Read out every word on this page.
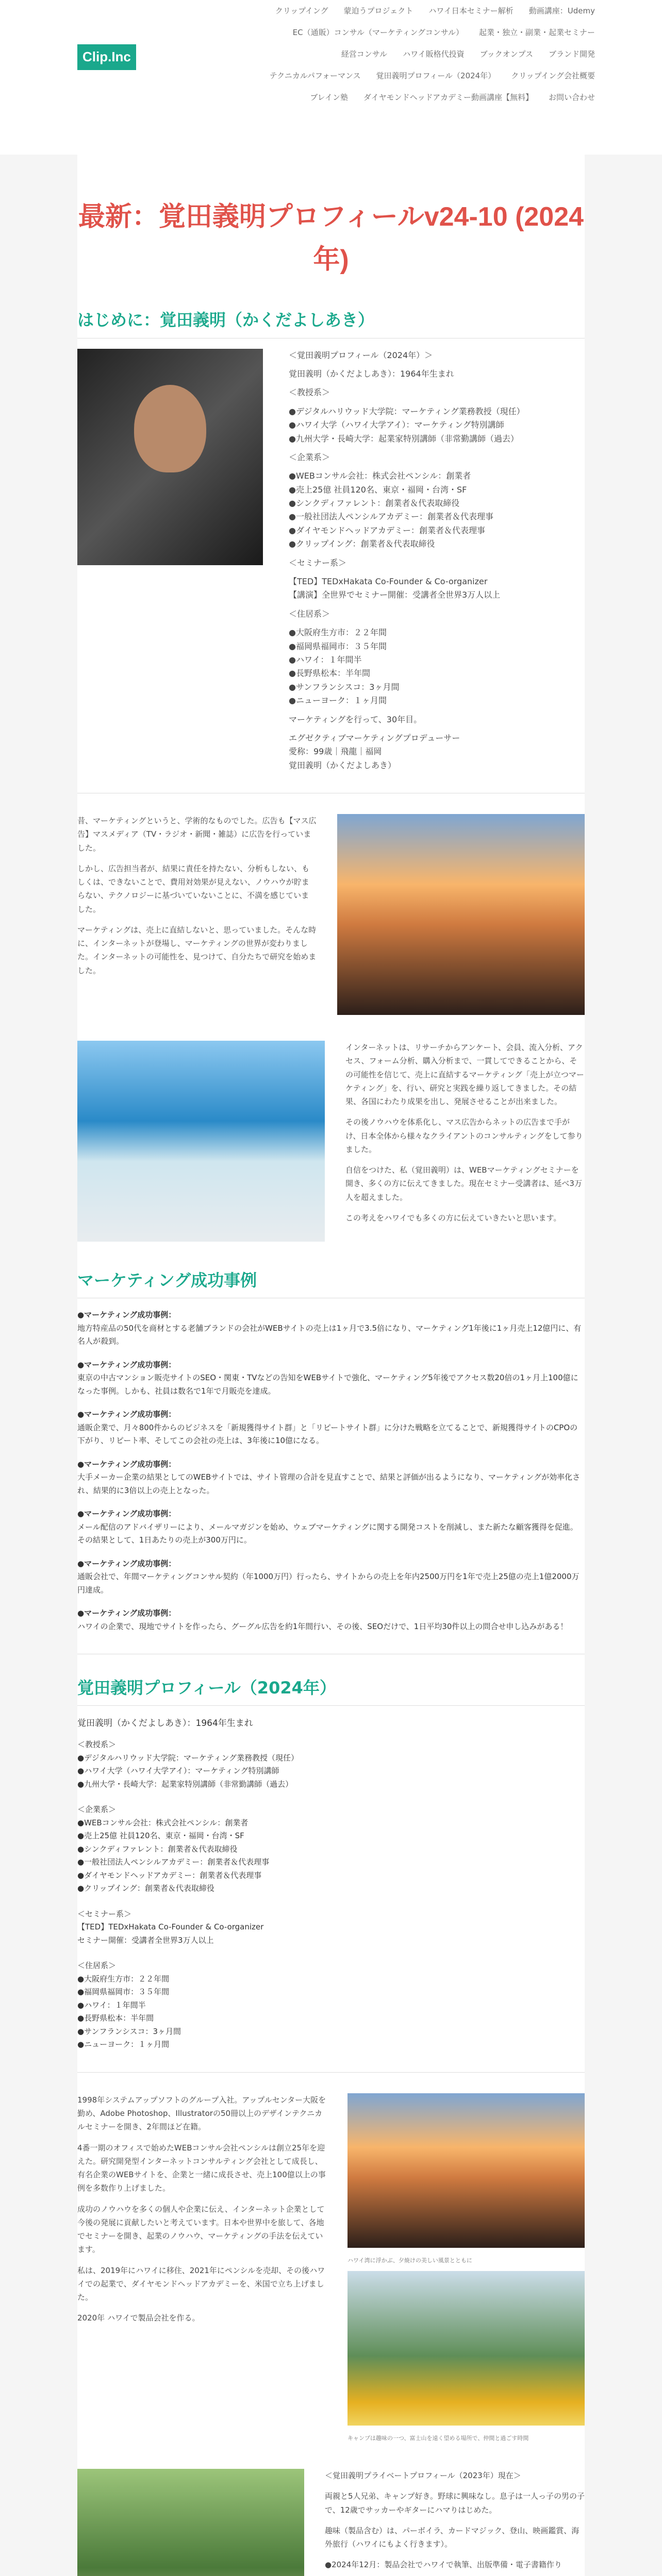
Clip.Inc
クリップイング 蒙迫うプロジェクト ハワイ日本セミナー解析 動画講座：Udemy
EC（通販）コンサル（マーケティングコンサル） 起業・独立・副業・起業セミナー
経営コンサル ハワイ販格代投資 ブックオンプス ブランド開発
テクニカルパフォーマンス 覚田義明プロフィール（2024年） クリップイング会社概要
ブレイン塾 ダイヤモンドヘッドアカデミー動画講座【無料】 お問い合わせ
最新：覚田義明プロフィールv24-10 (2024年)
はじめに：覚田義明（かくだよしあき）

＜覚田義明プロフィール（2024年）＞

覚田義明（かくだよしあき）：1964年生まれ

＜教授系＞

●デジタルハリウッド大学院：マーケティング業務教授（現任）
●ハワイ大学（ハワイ大学アイ）：マーケティング特別講師
●九州大学・長崎大学：起業家特別講師（非常勤講師（過去）

＜企業系＞

●WEBコンサル会社：株式会社ペンシル：創業者
●売上25億 社員120名、東京・福岡・台湾・SF
●シンクディファレント：創業者＆代表取締役
●一般社団法人ペンシルアカデミー：創業者＆代表理事
●ダイヤモンドヘッドアカデミー：創業者＆代表理事
●クリップイング：創業者＆代表取締役

＜セミナー系＞

【TED】TEDxHakata Co-Founder & Co-organizer
【講演】全世界でセミナー開催：受講者全世界3万人以上

＜住居系＞

●大阪府生方市：２２年間
●福岡県福岡市：３５年間
●ハワイ：１年間半
●長野県松本：半年間
●サンフランシスコ：3ヶ月間
●ニューヨーク：１ヶ月間

マーケティングを行って、30年目。

エグゼクティブマーケティングプロデューサー
愛称：99歳｜飛龍｜福岡
覚田義明（かくだよしあき）

昔、マーケティングというと、学術的なものでした。広告も【マス広告】マスメディア（TV・ラジオ・新聞・雑誌）に広告を行っていました。

しかし、広告担当者が、結果に責任を持たない、分析もしない、もしくは、できないことで、費用対効果が見えない、ノウハウが貯まらない、テクノロジーに基づいていないことに、不満を感じていました。

マーケティングは、売上に直結しないと、思っていました。そんな時に、インターネットが登場し、マーケティングの世界が変わりました。インターネットの可能性を、見つけて、自分たちで研究を始めました。

インターネットは、リサーチからアンケート、会員、流入分析、アクセス、フォーム分析、購入分析まで、一貫してできることから、その可能性を信じて、売上に直結するマーケティング「売上が立つマーケティング」を、行い、研究と実践を繰り返してきました。その結果、各国にわたり成果を出し、発展させることが出来ました。

その後ノウハウを体系化し、マス広告からネットの広告まで手がけ、日本全体から様々なクライアントのコンサルティングをして参りました。

自信をつけた、私（覚田義明）は、WEBマーケティングセミナーを開き、多くの方に伝えてきました。現在セミナー受講者は、延べ3万人を超えました。

この考えをハワイでも多くの方に伝えていきたいと思います。

マーケティング成功事例

●マーケティング成功事例：
地方特産品の50代を商材とする老舗ブランドの会社がWEBサイトの売上は1ヶ月で3.5倍になり、マーケティング1年後に1ヶ月売上12億円に、有名人が殺到。

●マーケティング成功事例：
東京の中古マンション販売サイトのSEO・関東・TVなどの告知をWEBサイトで強化、マーケティング5年後でアクセス数20倍の1ヶ月上100億になった事例。しかも、社員は数名で1年で月販売を達成。

●マーケティング成功事例：
通販企業で、月々800件からのビジネスを「新規獲得サイト群」と「リピートサイト群」に分けた戦略を立てることで、新規獲得サイトのCPOの下がり、リピート率、そしてこの会社の売上は、3年後に10億になる。

●マーケティング成功事例：
大手メーカー企業の結果としてのWEBサイトでは、サイト管理の合計を見直すことで、結果と評価が出るようになり、マーケティングが効率化され、結果的に3倍以上の売上となった。

●マーケティング成功事例：
メール配信のアドバイザリーにより、メールマガジンを始め、ウェブマーケティングに関する開発コストを削減し、また新たな顧客獲得を促進。その結果として、1日あたりの売上が300万円に。

●マーケティング成功事例：
通販会社で、年間マーケティングコンサル契約（年1000万円）行ったら、サイトからの売上を年内2500万円を1年で売上25億の売上1億2000万円達成。

●マーケティング成功事例：
ハワイの企業で、現地でサイトを作ったら、グーグル広告を約1年間行い、その後、SEOだけで、1日平均30件以上の問合せ申し込みがある！

覚田義明プロフィール（2024年）

覚田義明（かくだよしあき）：1964年生まれ

＜教授系＞
●デジタルハリウッド大学院：マーケティング業務教授（現任）
●ハワイ大学（ハワイ大学アイ）：マーケティング特別講師
●九州大学・長崎大学：起業家特別講師（非常勤講師（過去）
＜企業系＞
●WEBコンサル会社：株式会社ペンシル：創業者
●売上25億 社員120名、東京・福岡・台湾・SF
●シンクディファレント：創業者＆代表取締役
●一般社団法人ペンシルアカデミー：創業者＆代表理事
●ダイヤモンドヘッドアカデミー：創業者＆代表理事
●クリップイング：創業者＆代表取締役
＜セミナー系＞
【TED】TEDxHakata Co-Founder & Co-organizer
セミナー開催：受講者全世界3万人以上
＜住居系＞
●大阪府生方市：２２年間
●福岡県福岡市：３５年間
●ハワイ：１年間半
●長野県松本：半年間
●サンフランシスコ：3ヶ月間
●ニューヨーク：１ヶ月間

1998年システムアップソフトのグループ入社。アップルセンター大阪を勤め、Adobe Photoshop、Illustratorの50冊以上のデザインテクニカルセミナーを開き、2年間ほど在籍。

4番一期のオフィスで始めたWEBコンサル会社ペンシルは創立25年を迎えた。研究開発型インターネットコンサルティング会社として成長し、有名企業のWEBサイトを、企業と一緒に成長させ、売上100億以上の事例を多数作り上げました。

成功のノウハウを多くの個人や企業に伝え、インターネット企業として今後の発展に貢献したいと考えています。日本や世界中を旅して、各地でセミナーを開き、起業のノウハウ、マーケティングの手法を伝えています。

私は、2019年にハワイに移住、2021年にペンシルを売却、その後ハワイでの起業で、ダイヤモンドヘッドアカデミーを、米国で立ち上げました。

2020年 ハワイで製品会社を作る。

ハワイ湾に浮かぶ、夕焼けの美しい風景とともに
キャンプは趣味の一つ、富士山を遠く望める場所で、仲間と過ごす時間

＜覚田義明プライベートプロフィール（2023年）現在＞

両親と5人兄弟、キャンプ好き。野球に興味なし。息子は一人っ子の男の子で、12歳でサッカーやギターにハマりはじめた。

趣味（製品含む）は、パーボイラ、カードマジック、登山、映画鑑賞、海外旅行（ハワイにもよく行きます）。

●2024年12月：製品会社でハワイで執筆、出版準備・電子書籍作り
